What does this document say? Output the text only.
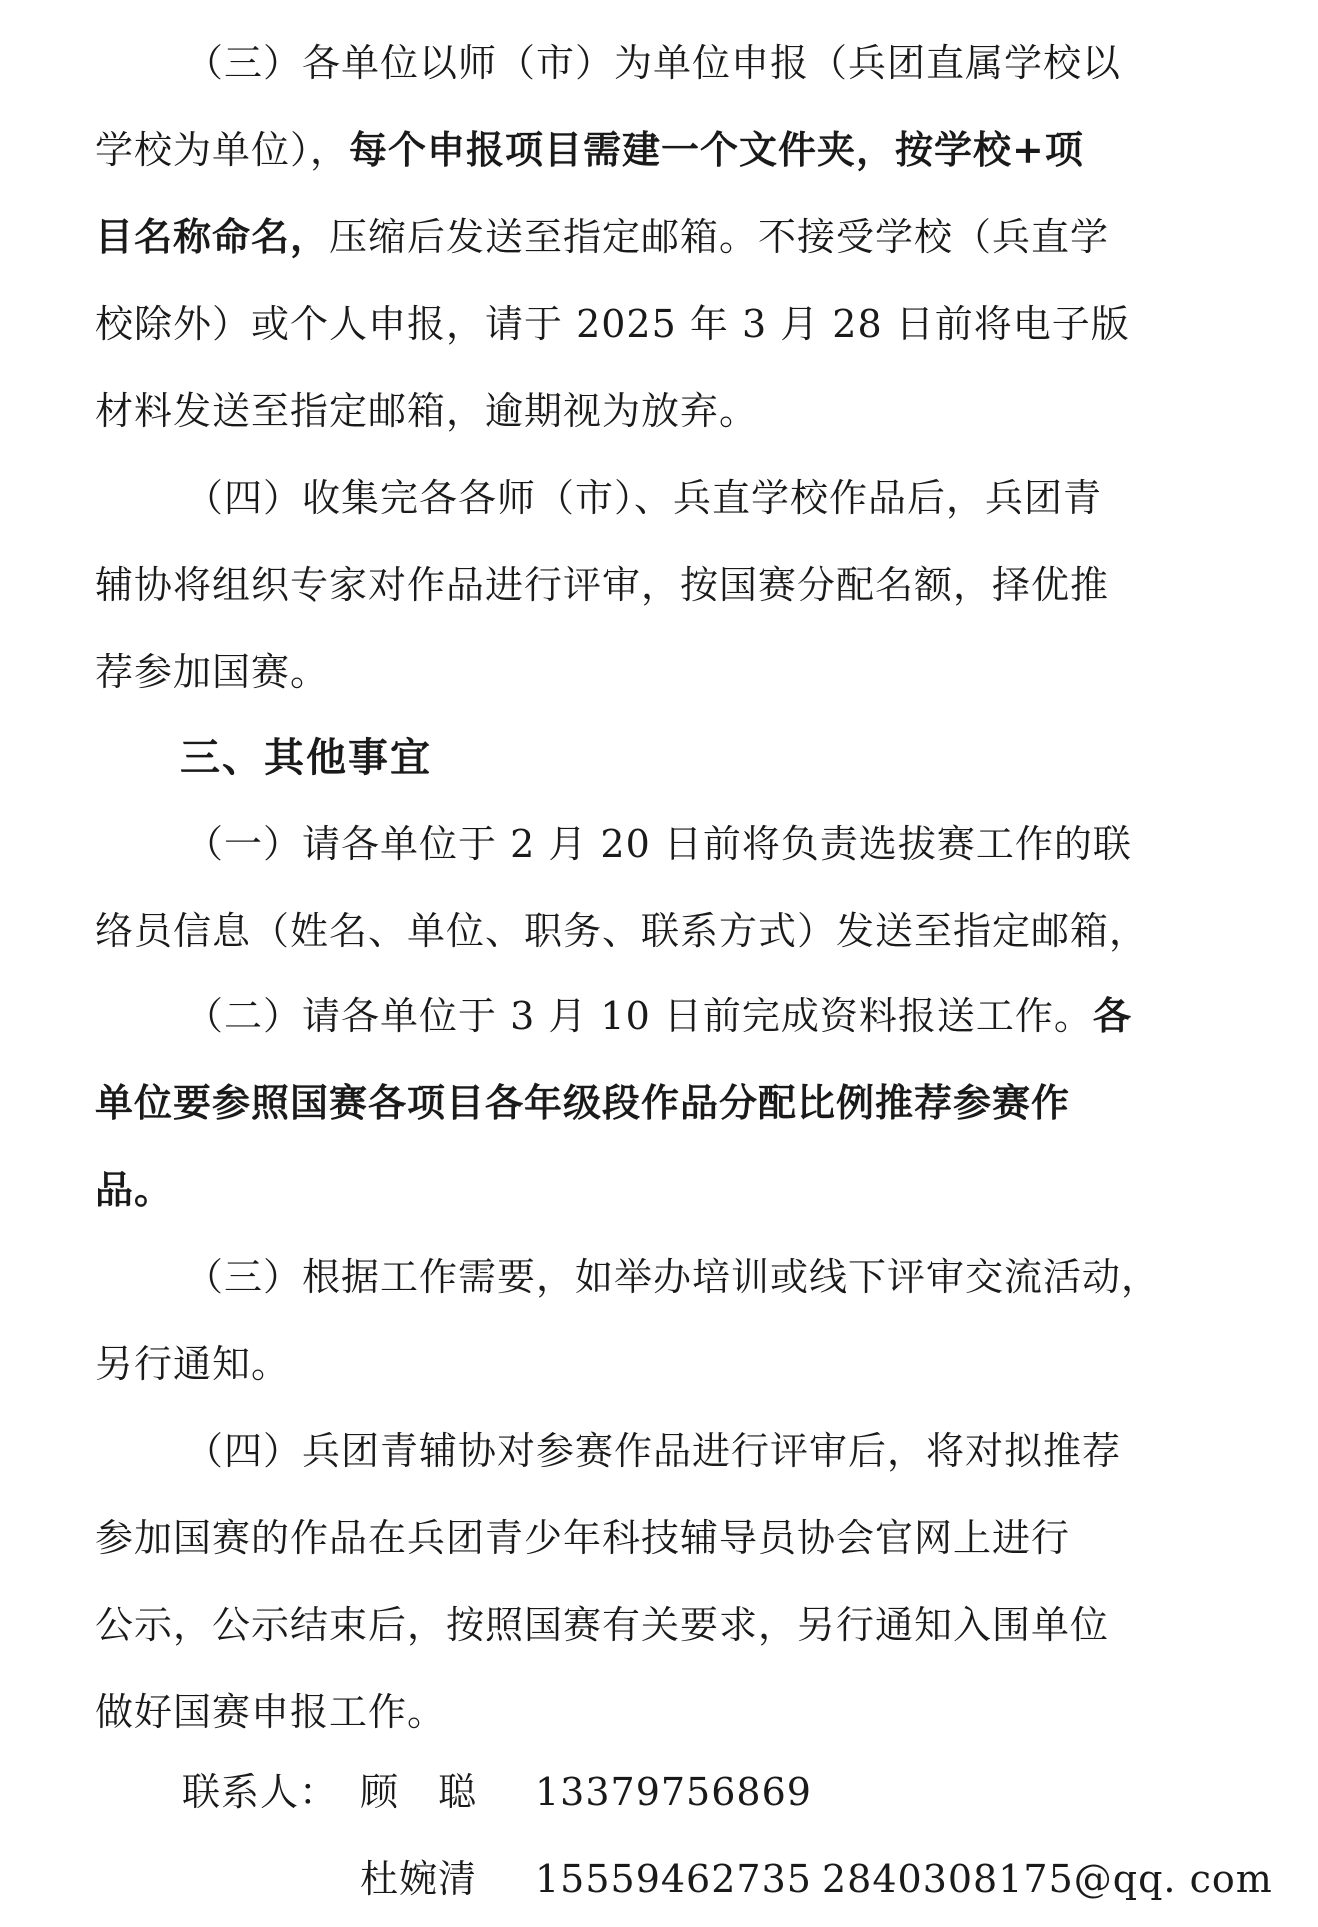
（三）各单位以师（市）为单位申报（兵团直属学校以
学校为单位），每个申报项目需建一个文件夹，按学校+项
目名称命名，压缩后发送至指定邮箱。不接受学校（兵直学
校除外）或个人申报，请于 2025 年 3 月 28 日前将电子版
材料发送至指定邮箱，逾期视为放弃。
（四）收集完各各师（市）、兵直学校作品后，兵团青
辅协将组织专家对作品进行评审，按国赛分配名额，择优推
荐参加国赛。
三、其他事宜
（一）请各单位于 2 月 20 日前将负责选拔赛工作的联
络员信息（姓名、单位、职务、联系方式）发送至指定邮箱，
（二）请各单位于 3 月 10 日前完成资料报送工作。各
单位要参照国赛各项目各年级段作品分配比例推荐参赛作
品。
（三）根据工作需要，如举办培训或线下评审交流活动，
另行通知。
（四）兵团青辅协对参赛作品进行评审后，将对拟推荐
参加国赛的作品在兵团青少年科技辅导员协会官网上进行
公示，公示结束后，按照国赛有关要求，另行通知入围单位
做好国赛申报工作。
联系人： 顾　聪 13379756869
杜婉清 15559462735 2840308175@qq. com
